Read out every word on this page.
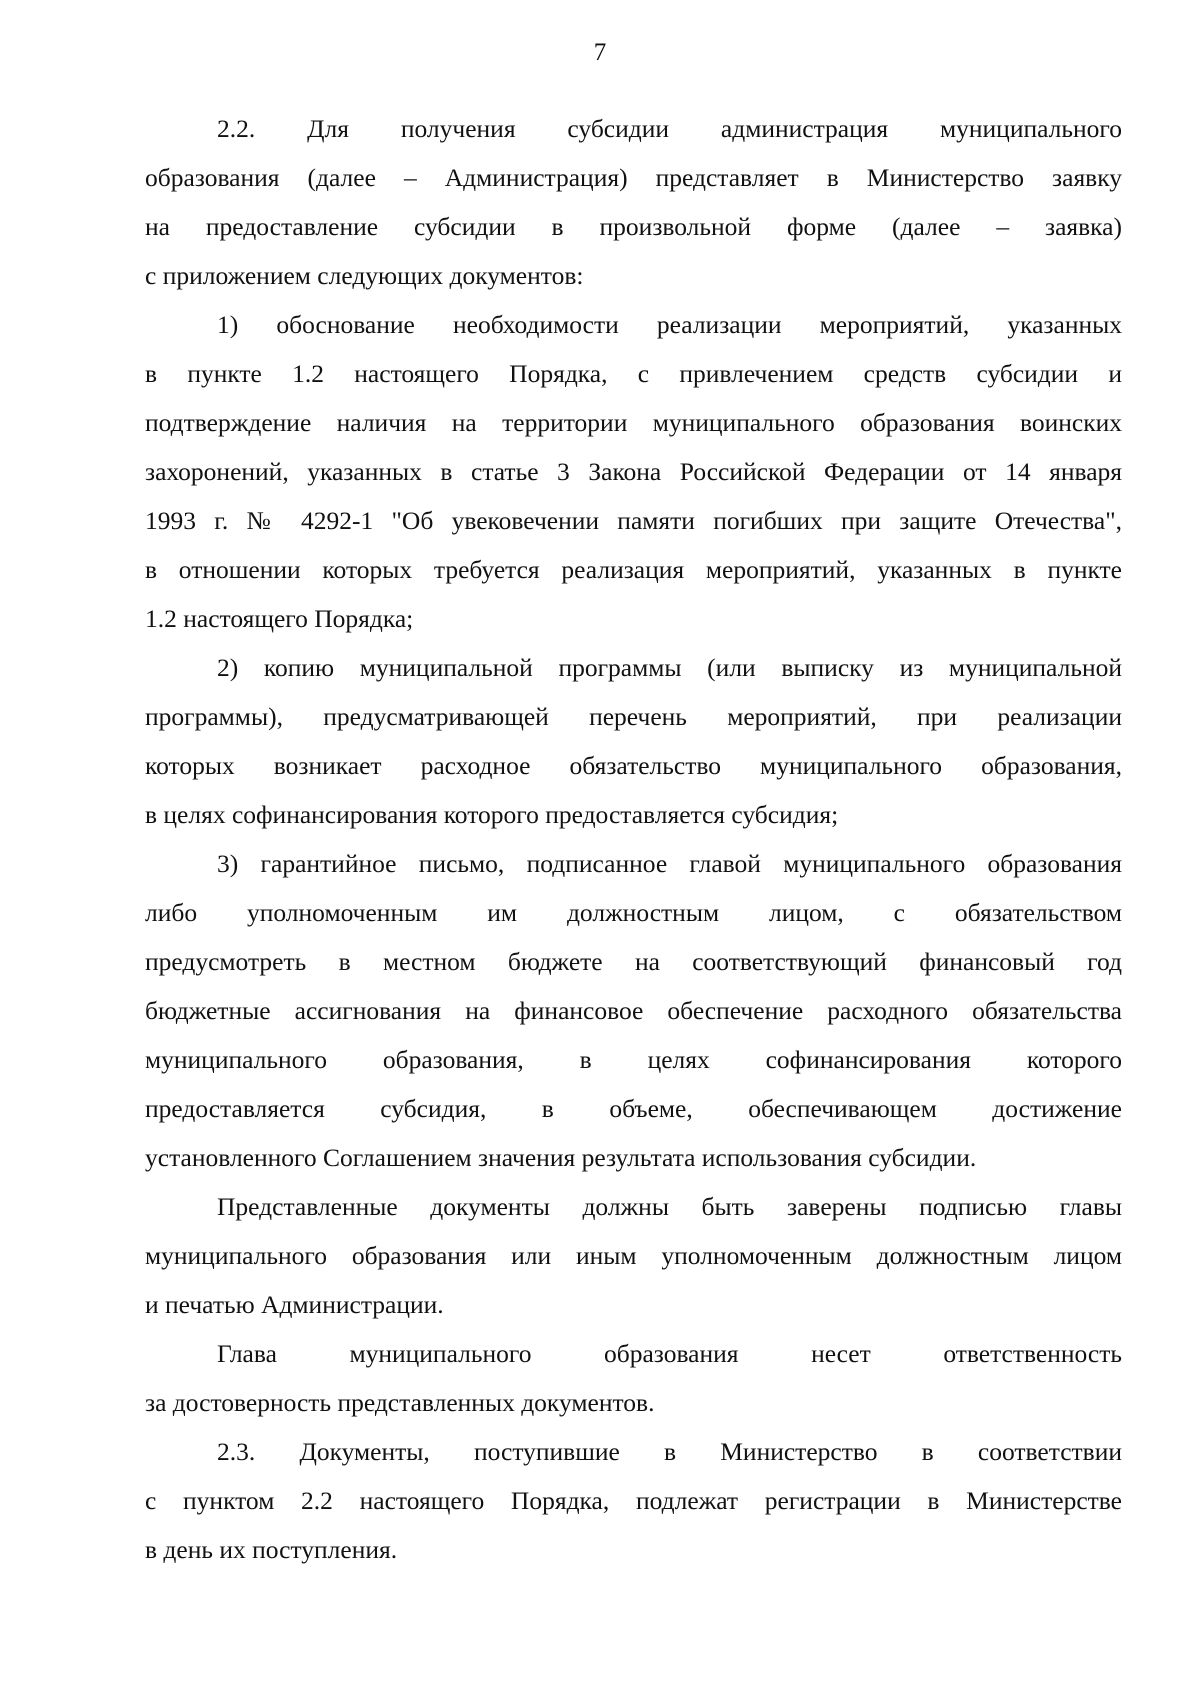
7
2.2. Для получения субсидии администрация муниципального
образования (далее – Администрация) представляет в Министерство заявку
на предоставление субсидии в произвольной форме (далее – заявка)
с приложением следующих документов:
1) обоснование необходимости реализации мероприятий, указанных
в пункте 1.2 настоящего Порядка, с привлечением средств субсидии и
подтверждение наличия на территории муниципального образования воинских
захоронений, указанных в статье 3 Закона Российской Федерации от 14 января
1993 г. № 4292-1 "Об увековечении памяти погибших при защите Отечества",
в отношении которых требуется реализация мероприятий, указанных в пункте
1.2 настоящего Порядка;
2) копию муниципальной программы (или выписку из муниципальной
программы), предусматривающей перечень мероприятий, при реализации
которых возникает расходное обязательство муниципального образования,
в целях софинансирования которого предоставляется субсидия;
3) гарантийное письмо, подписанное главой муниципального образования
либо уполномоченным им должностным лицом, с обязательством
предусмотреть в местном бюджете на соответствующий финансовый год
бюджетные ассигнования на финансовое обеспечение расходного обязательства
муниципального образования, в целях софинансирования которого
предоставляется субсидия, в объеме, обеспечивающем достижение
установленного Соглашением значения результата использования субсидии.
Представленные документы должны быть заверены подписью главы
муниципального образования или иным уполномоченным должностным лицом
и печатью Администрации.
Глава муниципального образования несет ответственность
за достоверность представленных документов.
2.3. Документы, поступившие в Министерство в соответствии
с пунктом 2.2 настоящего Порядка, подлежат регистрации в Министерстве
в день их поступления.
